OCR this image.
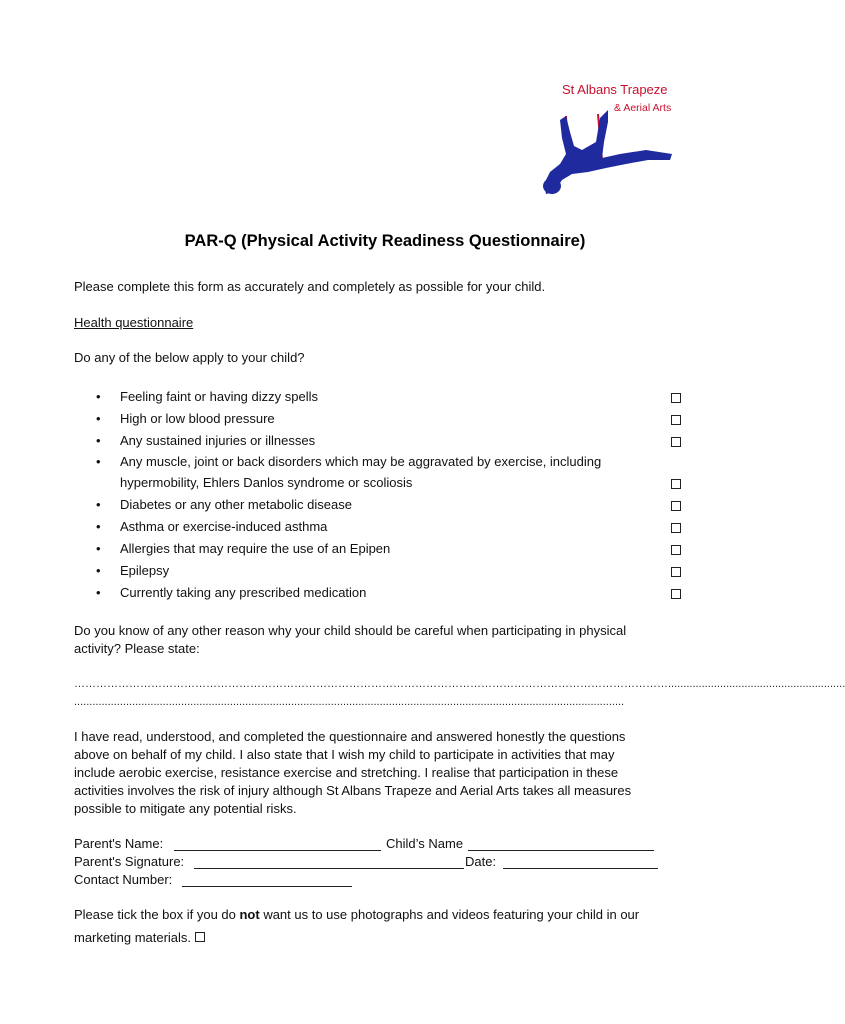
St Albans Trapeze
& Aerial Arts
PAR-Q (Physical Activity Readiness Questionnaire)
Please complete this form as accurately and completely as possible for your child.
Health questionnaire
Do any of the below apply to your child?
• Feeling faint or having dizzy spells
• High or low blood pressure
• Any sustained injuries or illnesses
• Any muscle, joint or back disorders which may be aggravated by exercise, including
hypermobility, Ehlers Danlos syndrome or scoliosis
• Diabetes or any other metabolic disease
• Asthma or exercise-induced asthma
• Allergies that may require the use of an Epipen
• Epilepsy
• Currently taking any prescribed medication
Do you know of any other reason why your child should be careful when participating in physical
activity? Please state:
………………………………………………………………………………………………………………………………………………..........................................................
....................................................................................................................................................................................
I have read, understood, and completed the questionnaire and answered honestly the questions
above on behalf of my child. I also state that I wish my child to participate in activities that may
include aerobic exercise, resistance exercise and stretching. I realise that participation in these
activities involves the risk of injury although St Albans Trapeze and Aerial Arts takes all measures
possible to mitigate any potential risks.
Parent's Name:	Child’s Name
Parent's Signature:	Date:
Contact Number:
Please tick the box if you do not want us to use photographs and videos featuring your child in our
marketing materials.
